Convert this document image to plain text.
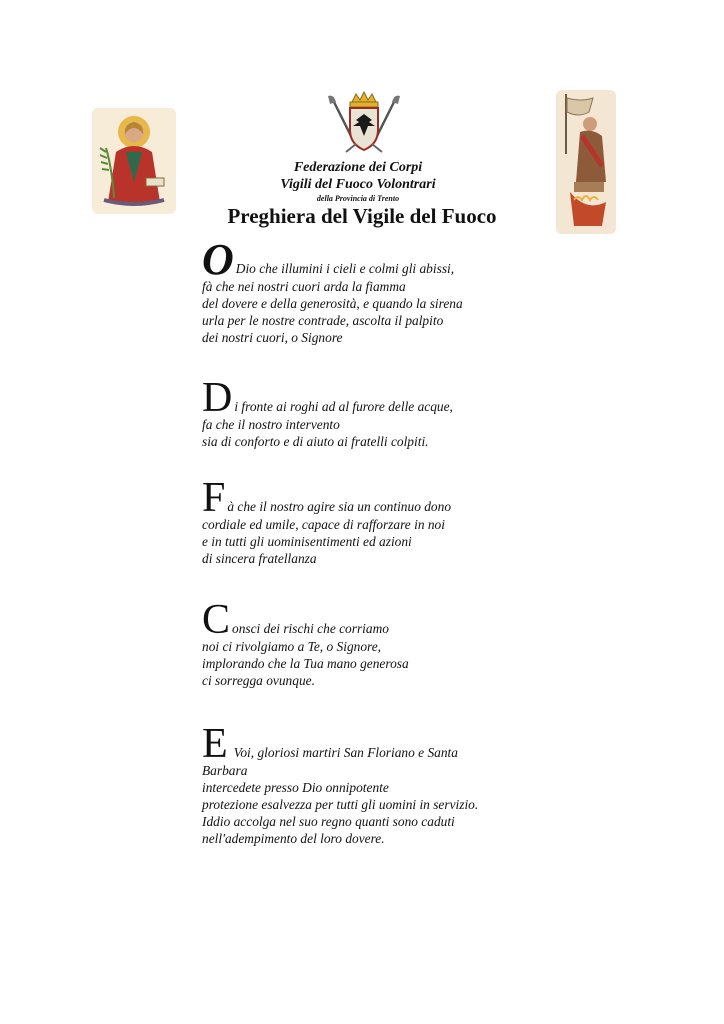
Federazione dei Corpi
Vigili del Fuoco Volontrari
della Provincia di Trento
Preghiera del Vigile del Fuoco
O Dio che illumini i cieli e colmi gli abissi,
fà che nei nostri cuori arda la fiamma
del dovere e della generosità, e quando la sirena
urla per le nostre contrade, ascolta il palpito
dei nostri cuori, o Signore
D i fronte ai roghi ad al furore delle acque,
fa che il nostro intervento
sia di conforto e di aiuto ai fratelli colpiti.
F à che il nostro agire sia un continuo dono
cordiale ed umile, capace di rafforzare in noi
e in tutti gli uominisentimenti ed azioni
di sincera fratellanza
C onsci dei rischi che corriamo
noi ci rivolgiamo a Te, o Signore,
implorando che la Tua mano generosa
ci sorregga ovunque.
E Voi, gloriosi martiri San Floriano e Santa
Barbara
intercedete presso Dio onnipotente
protezione esalvezza per tutti gli uomini in servizio.
Iddio accolga nel suo regno quanti sono caduti
nell'adempimento del loro dovere.
